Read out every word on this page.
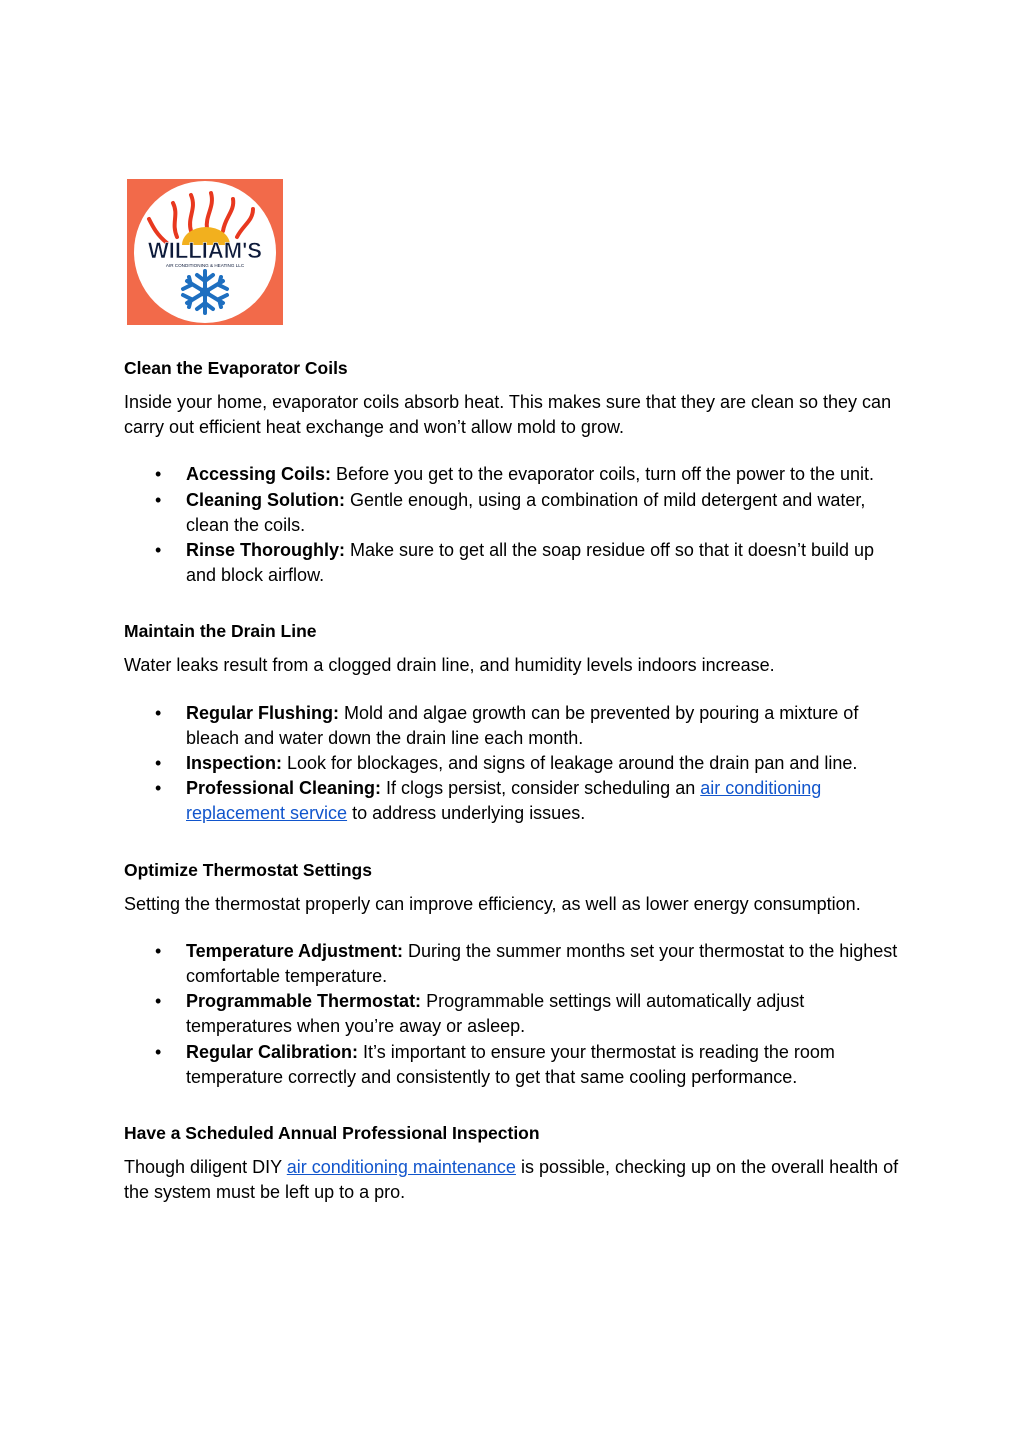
WILLIAM'S
AIR CONDITIONING & HEATING LLC
Clean the Evaporator Coils

Inside your home, evaporator coils absorb heat. This makes sure that they are clean so they can carry out efficient heat exchange and won’t allow mold to grow.

• Accessing Coils: Before you get to the evaporator coils, turn off the power to the unit.
• Cleaning Solution: Gentle enough, using a combination of mild detergent and water, clean the coils.
• Rinse Thoroughly: Make sure to get all the soap residue off so that it doesn’t build up and block airflow.
Maintain the Drain Line

Water leaks result from a clogged drain line, and humidity levels indoors increase.

• Regular Flushing: Mold and algae growth can be prevented by pouring a mixture of bleach and water down the drain line each month.
• Inspection: Look for blockages, and signs of leakage around the drain pan and line.
• Professional Cleaning: If clogs persist, consider scheduling an air conditioning replacement service to address underlying issues.
Optimize Thermostat Settings

Setting the thermostat properly can improve efficiency, as well as lower energy consumption.

• Temperature Adjustment: During the summer months set your thermostat to the highest comfortable temperature.
• Programmable Thermostat: Programmable settings will automatically adjust temperatures when you’re away or asleep.
• Regular Calibration: It’s important to ensure your thermostat is reading the room temperature correctly and consistently to get that same cooling performance.
Have a Scheduled Annual Professional Inspection

Though diligent DIY air conditioning maintenance is possible, checking up on the overall health of the system must be left up to a pro.
